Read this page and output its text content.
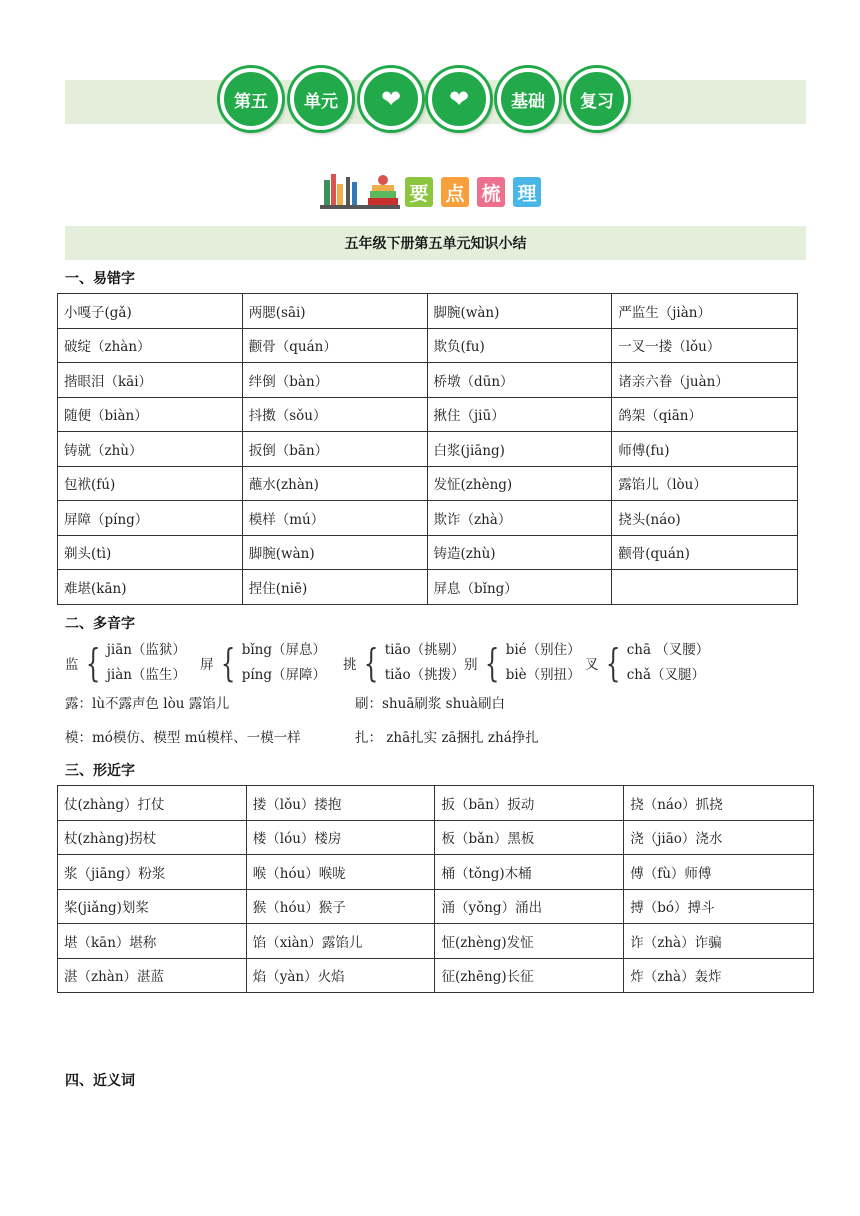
第五	单元	❤ ❤	基础	复习
要 点 梳 理
五年级下册第五单元知识小结
一、易错字
小嘎子(gǎ)	两腮(sāi)	脚腕(wàn)	严监生（jiàn）
破绽（zhàn）	颧骨（quán）	欺负(fu)	一叉一搂（lǒu）
揩眼泪（kāi）	绊倒（bàn）	桥墩（dūn）	诸亲六眷（juàn）
随便（biàn）	抖擞（sǒu）	揪住（jiū）	鸽架（qiān）
铸就（zhù）	扳倒（bān）	白浆(jiāng)	师傅(fu)
包袱(fú)	蘸水(zhàn)	发怔(zhèng)	露馅儿（lòu）
屏障（píng）	模样（mú）	欺诈（zhà）	挠头(náo)
剃头(tì)	脚腕(wàn)	铸造(zhù)	颧骨(quán)
难堪(kān)	捏住(niē)	屏息（bǐng）	
二、多音字
监 { jiān（监狱）
jiàn（监生）
屏 { bǐng（屏息）
píng（屏障）
挑 { tiāo（挑剔）
tiǎo（挑拨）
别 { bié（别住）
biè（别扭）
叉 { chā （叉腰）
chǎ（叉腿）
露：lù不露声色 lòu 露馅儿	刷：shuā刷浆 shuà刷白
模：mó模仿、模型 mú模样、一模一样	扎： zhā扎实 zā捆扎 zhá挣扎
三、形近字
仗(zhàng）打仗	搂（lǒu）搂抱	扳（bān）扳动	挠（náo）抓挠
杖(zhàng)拐杖	楼（lóu）楼房	板（bǎn）黑板	浇（jiāo）浇水
浆（jiāng）粉浆	喉（hóu）喉咙	桶（tǒng)木桶	傅（fù）师傅
桨(jiǎng)划桨	猴（hóu）猴子	涌（yǒng）涌出	搏（bó）搏斗
堪（kān）堪称	馅（xiàn）露馅儿	怔(zhèng)发怔	诈（zhà）诈骗
湛（zhàn）湛蓝	焰（yàn）火焰	征(zhēng)长征	炸（zhà）轰炸
四、近义词
